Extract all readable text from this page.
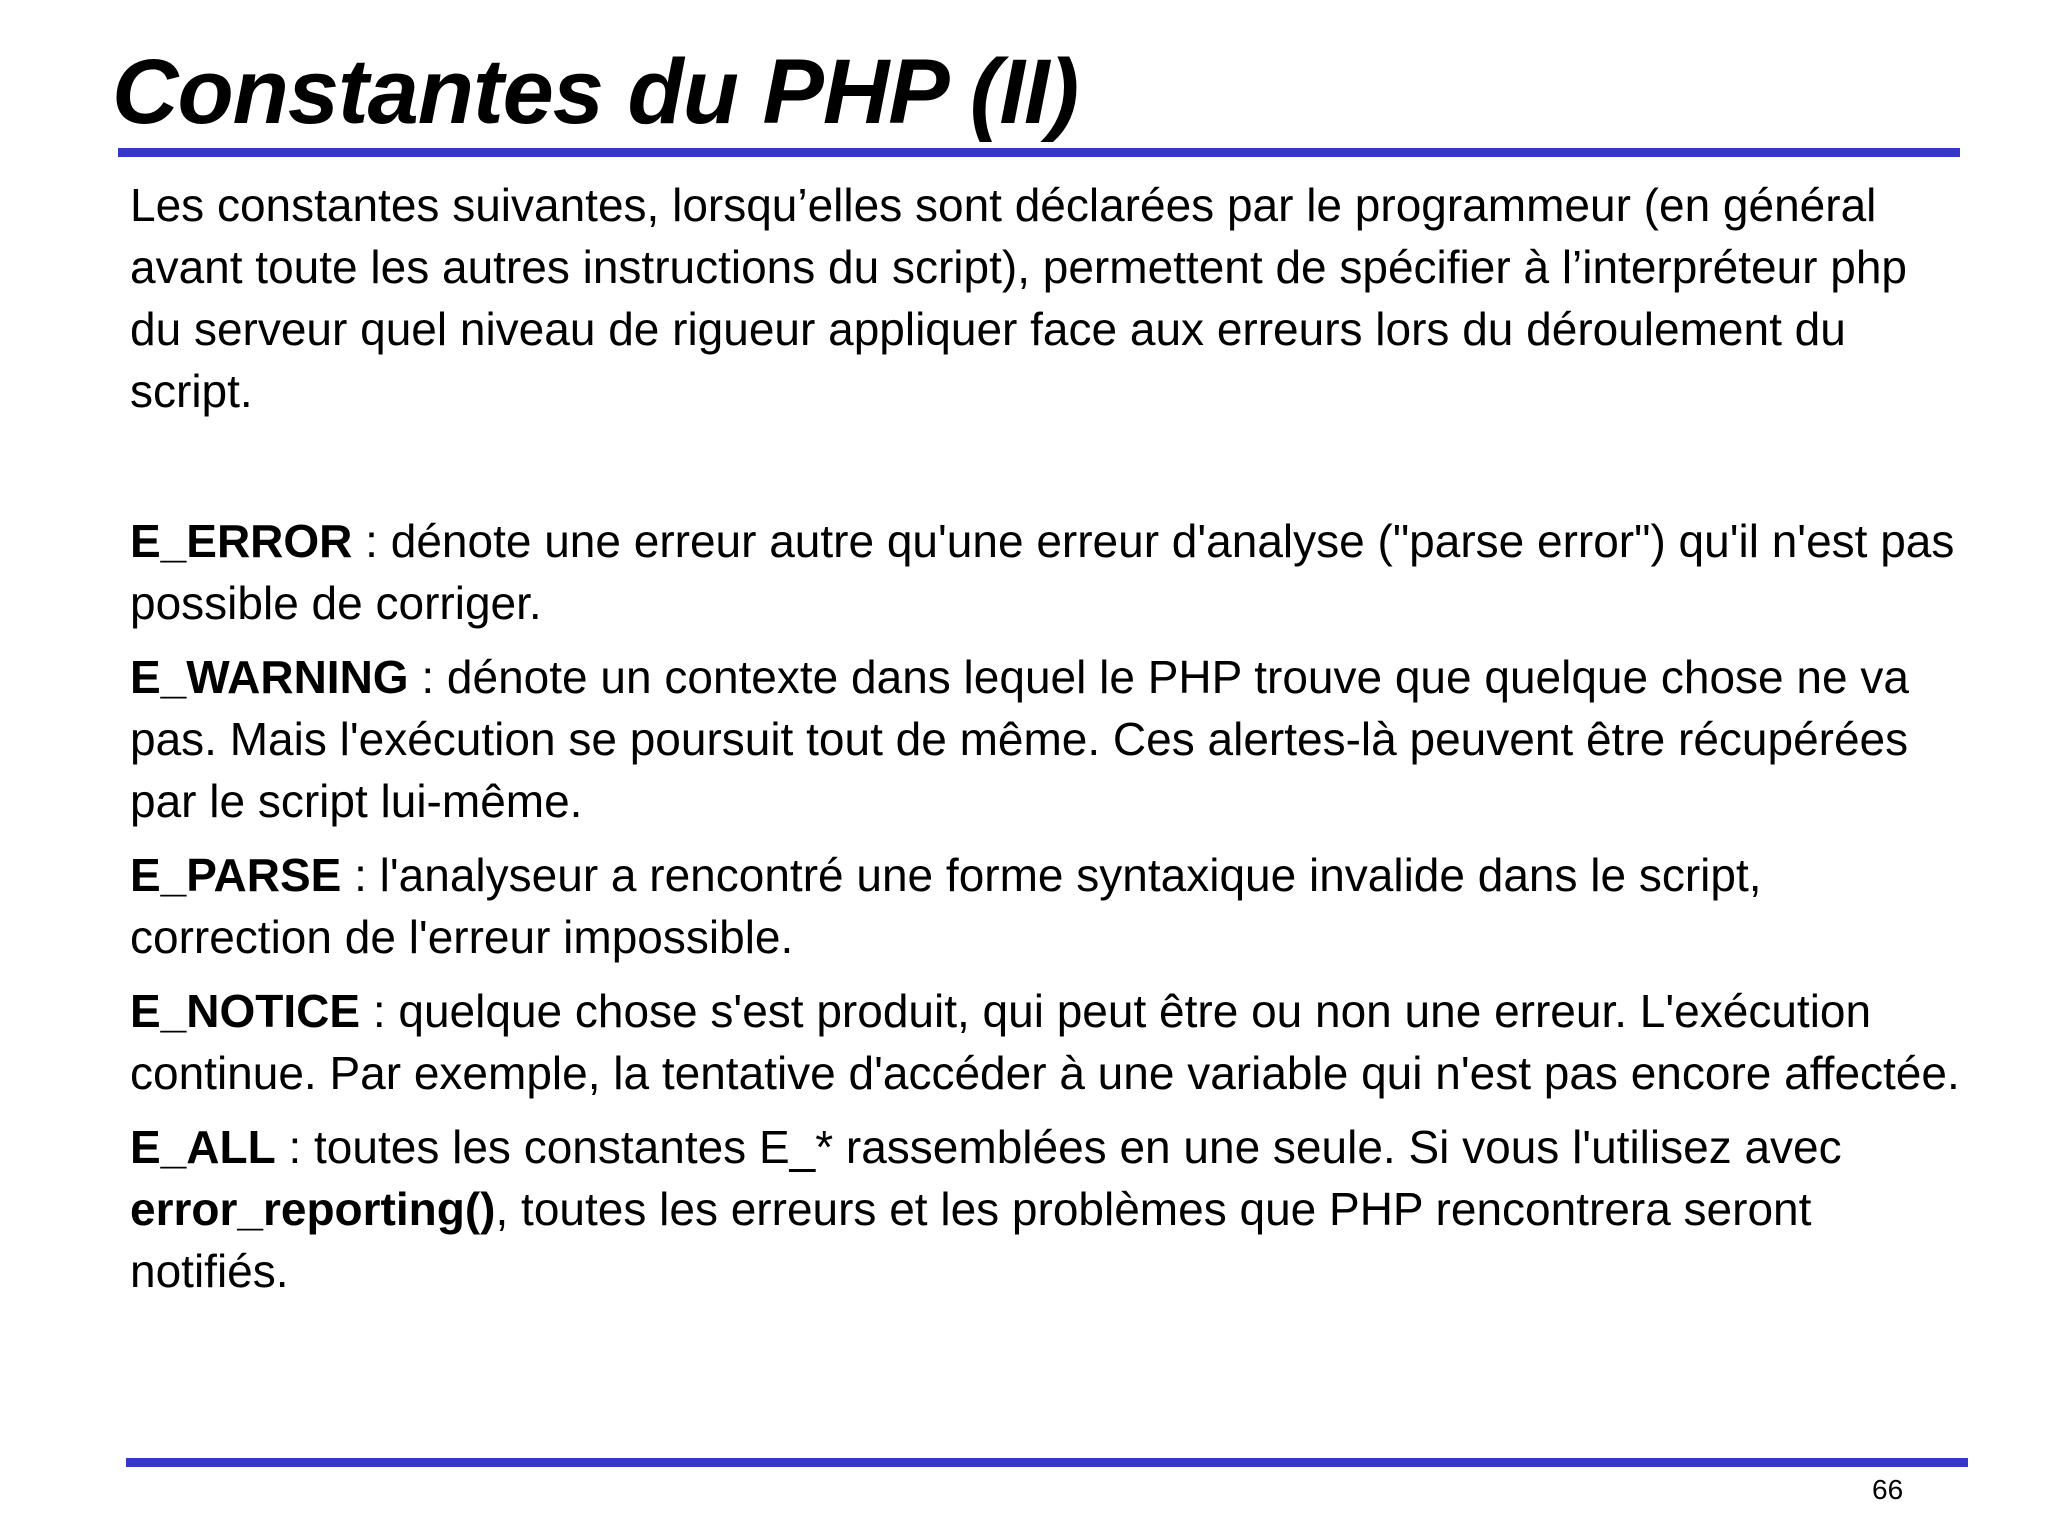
Constantes du PHP (II)

Les constantes suivantes, lorsqu’elles sont déclarées par le programmeur (en général avant toute les autres instructions du script), permettent de spécifier à l’interpréteur php du serveur quel niveau de rigueur appliquer face aux erreurs lors du déroulement du script.

E_ERROR : dénote une erreur autre qu'une erreur d'analyse ("parse error") qu'il n'est pas possible de corriger.

E_WARNING : dénote un contexte dans lequel le PHP trouve que quelque chose ne va pas. Mais l'exécution se poursuit tout de même. Ces alertes-là peuvent être récupérées par le script lui-même.

E_PARSE : l'analyseur a rencontré une forme syntaxique invalide dans le script, correction de l'erreur impossible.

E_NOTICE : quelque chose s'est produit, qui peut être ou non une erreur. L'exécution continue. Par exemple, la tentative d'accéder à une variable qui n'est pas encore affectée.

E_ALL : toutes les constantes E_* rassemblées en une seule. Si vous l'utilisez avec error_reporting(), toutes les erreurs et les problèmes que PHP rencontrera seront notifiés.

66
